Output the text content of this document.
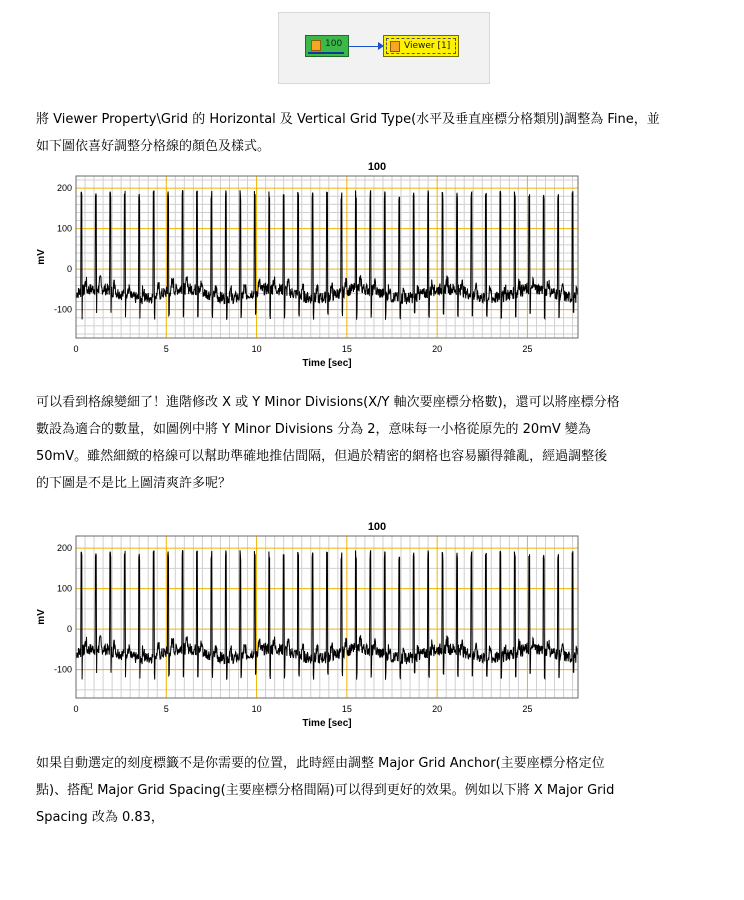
100	Viewer [1]
將 Viewer Property\Grid 的 Horizontal 及 Vertical Grid Type(水平及垂直座標分格類別)調整為 Fine，並
如下圖依喜好調整分格線的顏色及樣式。
100
0	5	10	15	20	25
-100
0
100
200
Time [sec]
mV
可以看到格線變細了！進階修改 X 或 Y Minor Divisions(X/Y 軸次要座標分格數)，還可以將座標分格
數設為適合的數量，如圖例中將 Y Minor Divisions 分為 2，意味每一小格從原先的 20mV 變為
50mV。雖然細緻的格線可以幫助準確地推估間隔，但過於精密的網格也容易顯得雜亂，經過調整後
的下圖是不是比上圖清爽許多呢？
100
0	5	10	15	20	25
-100
0
100
200
Time [sec]
mV
如果自動選定的刻度標籤不是你需要的位置，此時經由調整 Major Grid Anchor(主要座標分格定位
點)、搭配 Major Grid Spacing(主要座標分格間隔)可以得到更好的效果。例如以下將 X Major Grid
Spacing 改為 0.83，
